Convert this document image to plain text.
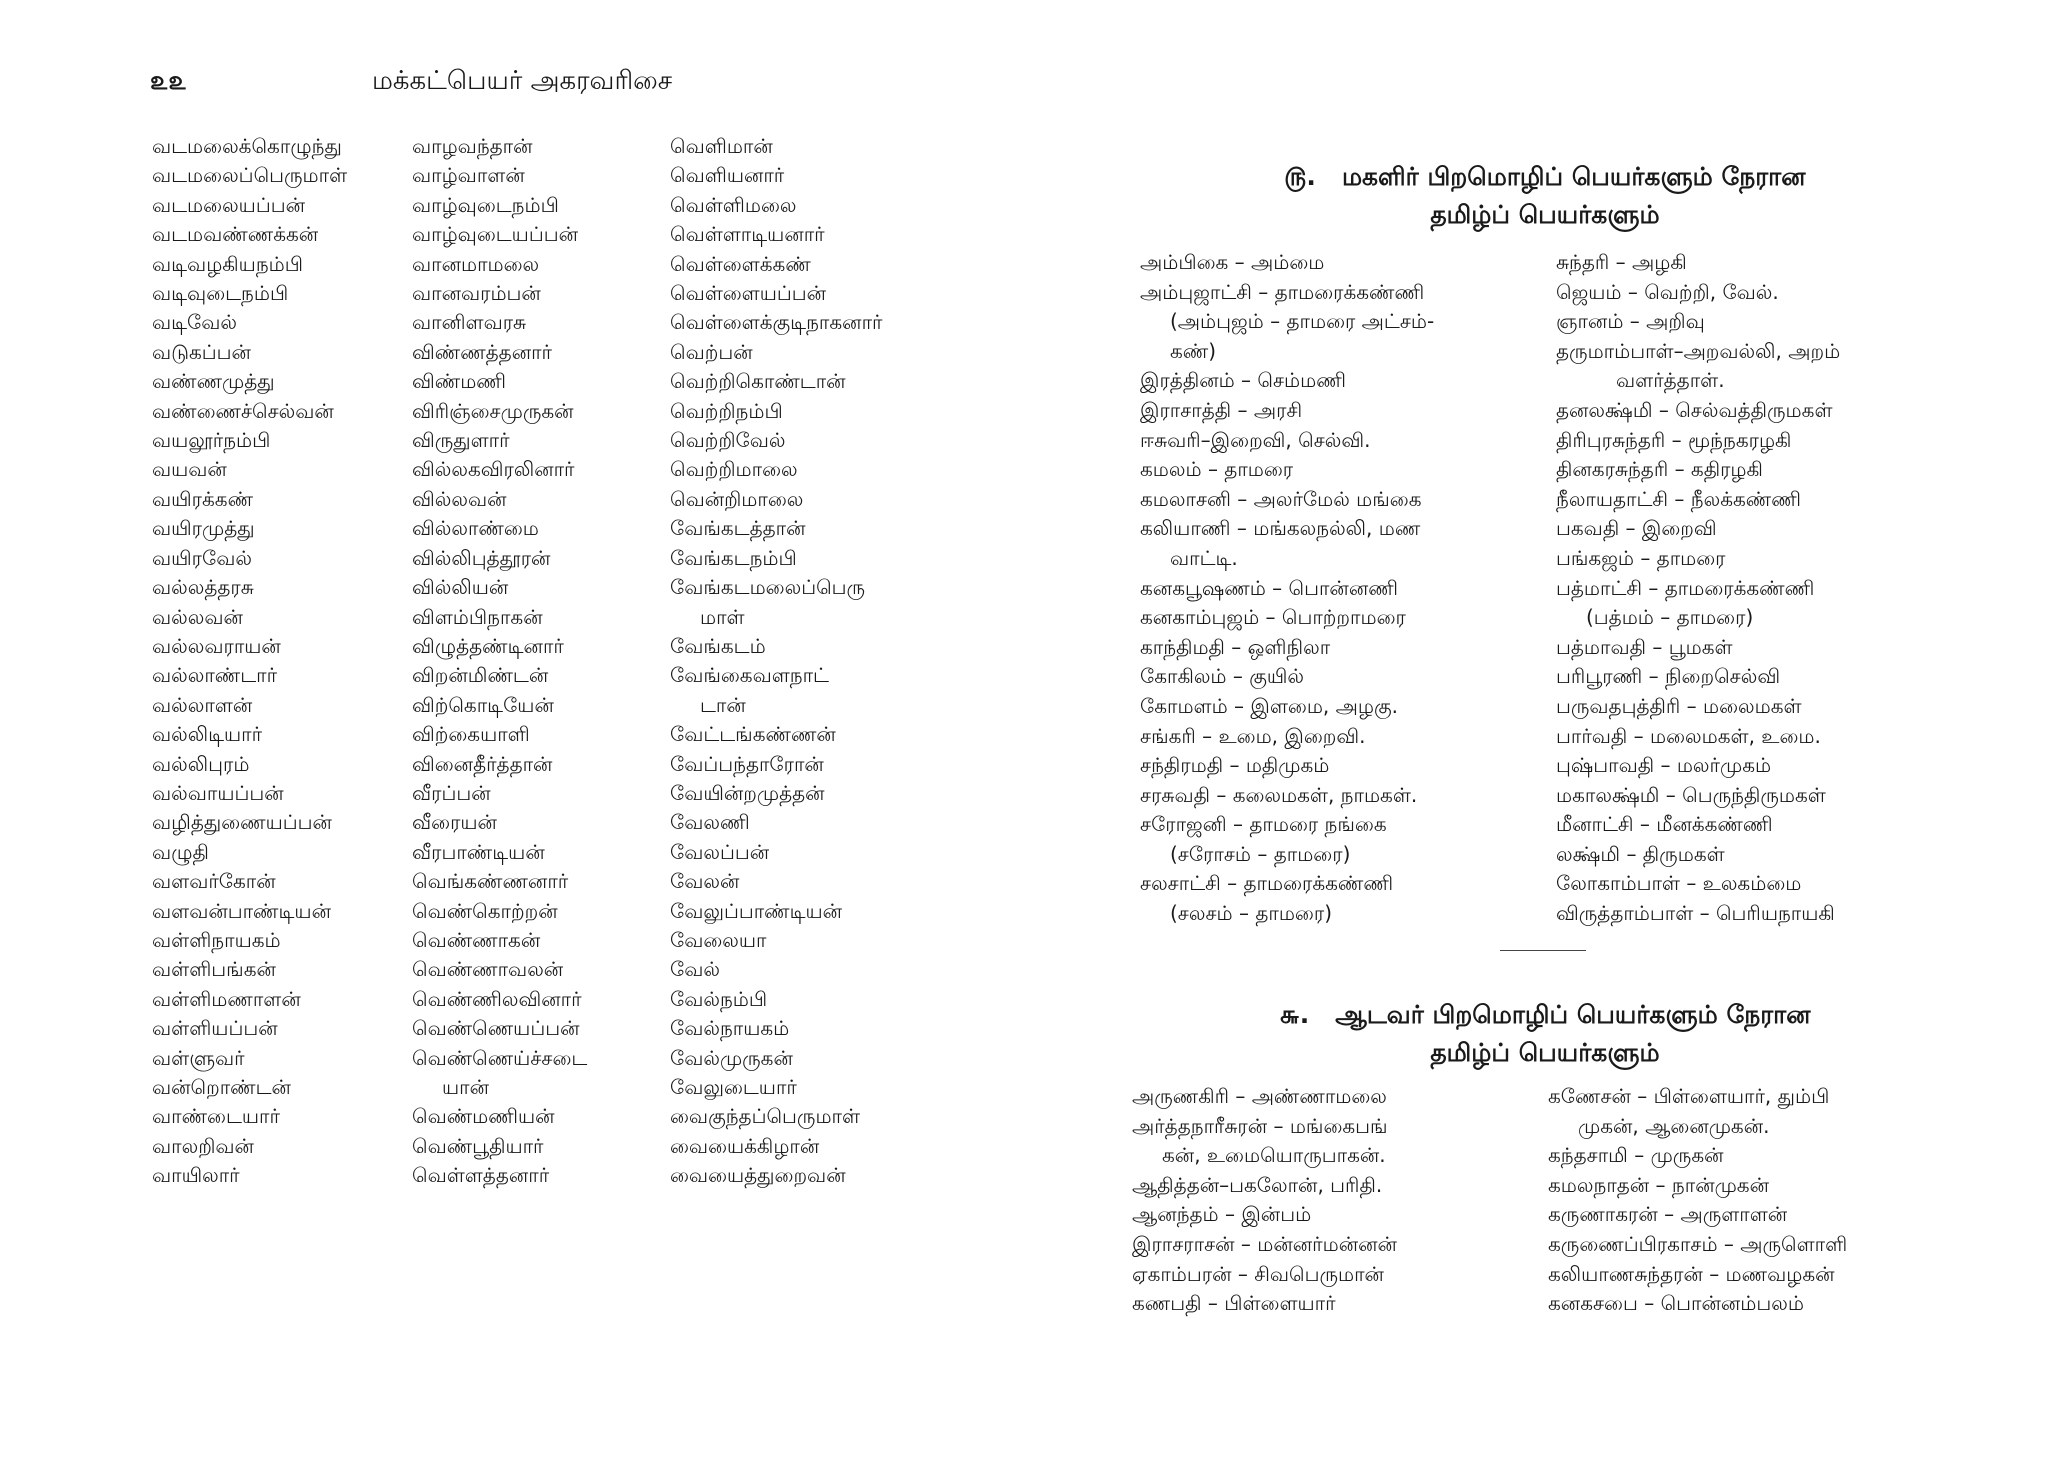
௨௨	மக்கட்பெயர் அகரவரிசை
வடமலைக்கொழுந்து
வடமலைப்பெருமாள்
வடமலையப்பன்
வடமவண்ணக்கன்
வடிவழகியநம்பி
வடிவுடைநம்பி
வடிவேல்
வடுகப்பன்
வண்ணமுத்து
வண்ணைச்செல்வன்
வயலூர்நம்பி
வயவன்
வயிரக்கண்
வயிரமுத்து
வயிரவேல்
வல்லத்தரசு
வல்லவன்
வல்லவராயன்
வல்லாண்டார்
வல்லாளன்
வல்லிடியார்
வல்லிபுரம்
வல்வாயப்பன்
வழித்துணையப்பன்
வழுதி
வளவர்கோன்
வளவன்பாண்டியன்
வள்ளிநாயகம்
வள்ளிபங்கன்
வள்ளிமணாளன்
வள்ளியப்பன்
வள்ளுவர்
வன்றொண்டன்
வாண்டையார்
வாலறிவன்
வாயிலார்
வாழவந்தான்
வாழ்வாளன்
வாழ்வுடைநம்பி
வாழ்வுடையப்பன்
வானமாமலை
வானவரம்பன்
வானிளவரசு
விண்ணத்தனார்
விண்மணி
விரிஞ்சைமுருகன்
விருதுளார்
வில்லகவிரலினார்
வில்லவன்
வில்லாண்மை
வில்லிபுத்தூரன்
வில்லியன்
விளம்பிநாகன்
விழுத்தண்டினார்
விறன்மிண்டன்
விற்கொடியேன்
விற்கையாளி
வினைதீர்த்தான்
வீரப்பன்
வீரையன்
வீரபாண்டியன்
வெங்கண்ணனார்
வெண்கொற்றன்
வெண்ணாகன்
வெண்ணாவலன்
வெண்ணிலவினார்
வெண்ணெயப்பன்
வெண்ணெய்ச்சடை
யான்
வெண்மணியன்
வெண்பூதியார்
வெள்ளத்தனார்
வெளிமான்
வெளியனார்
வெள்ளிமலை
வெள்ளாடியனார்
வெள்ளைக்கண்
வெள்ளையப்பன்
வெள்ளைக்குடிநாகனார்
வெற்பன்
வெற்றிகொண்டான்
வெற்றிநம்பி
வெற்றிவேல்
வெற்றிமாலை
வென்றிமாலை
வேங்கடத்தான்
வேங்கடநம்பி
வேங்கடமலைப்பெரு
மாள்
வேங்கடம்
வேங்கைவளநாட்
டான்
வேட்டங்கண்ணன்
வேப்பந்தாரோன்
வேயின்றமுத்தன்
வேலணி
வேலப்பன்
வேலன்
வேலுப்பாண்டியன்
வேலையா
வேல்
வேல்நம்பி
வேல்நாயகம்
வேல்முருகன்
வேலுடையார்
வைகுந்தப்பெருமாள்
வையைக்கிழான்
வையைத்துறைவன்
௫. மகளிர் பிறமொழிப் பெயர்களும் நேரான
தமிழ்ப் பெயர்களும்
அம்பிகை – அம்மை
அம்புஜாட்சி – தாமரைக்கண்ணி
(அம்புஜம் – தாமரை அட்சம்-
கண்)
இரத்தினம் – செம்மணி
இராசாத்தி – அரசி
ஈசுவரி–இறைவி, செல்வி.
கமலம் – தாமரை
கமலாசனி – அலர்மேல் மங்கை
கலியாணி – மங்கலநல்லி, மண
வாட்டி.
கனகபூஷணம் – பொன்னணி
கனகாம்புஜம் – பொற்றாமரை
காந்திமதி – ஒளிநிலா
கோகிலம் – குயில்
கோமளம் – இளமை, அழகு.
சங்கரி – உமை, இறைவி.
சந்திரமதி – மதிமுகம்
சரசுவதி – கலைமகள், நாமகள்.
சரோஜனி – தாமரை நங்கை
(சரோசம் – தாமரை)
சலசாட்சி – தாமரைக்கண்ணி
(சலசம் – தாமரை)
சுந்தரி – அழகி
ஜெயம் – வெற்றி, வேல்.
ஞானம் – அறிவு
தருமாம்பாள்–அறவல்லி, அறம்
வளர்த்தாள்.
தனலக்ஷ்மி – செல்வத்திருமகள்
திரிபுரசுந்தரி – மூந்நகரழகி
தினகரசுந்தரி – கதிரழகி
நீலாயதாட்சி – நீலக்கண்ணி
பகவதி – இறைவி
பங்கஜம் – தாமரை
பத்மாட்சி – தாமரைக்கண்ணி
(பத்மம் – தாமரை)
பத்மாவதி – பூமகள்
பரிபூரணி – நிறைசெல்வி
பருவதபுத்திரி – மலைமகள்
பார்வதி – மலைமகள், உமை.
புஷ்பாவதி – மலர்முகம்
மகாலக்ஷ்மி – பெருந்திருமகள்
மீனாட்சி – மீனக்கண்ணி
லக்ஷ்மி – திருமகள்
லோகாம்பாள் – உலகம்மை
விருத்தாம்பாள் – பெரியநாயகி
௬. ஆடவர் பிறமொழிப் பெயர்களும் நேரான
தமிழ்ப் பெயர்களும்
அருணகிரி – அண்ணாமலை
அர்த்தநாரீசுரன் – மங்கைபங்
கன், உமையொருபாகன்.
ஆதித்தன்–பகலோன், பரிதி.
ஆனந்தம் – இன்பம்
இராசராசன் – மன்னர்மன்னன்
ஏகாம்பரன் – சிவபெருமான்
கணபதி – பிள்ளையார்
கணேசன் – பிள்ளையார், தும்பி
முகன், ஆனைமுகன்.
கந்தசாமி – முருகன்
கமலநாதன் – நான்முகன்
கருணாகரன் – அருளாளன்
கருணைப்பிரகாசம் – அருளொளி
கலியாணசுந்தரன் – மணவழகன்
கனகசபை – பொன்னம்பலம்
